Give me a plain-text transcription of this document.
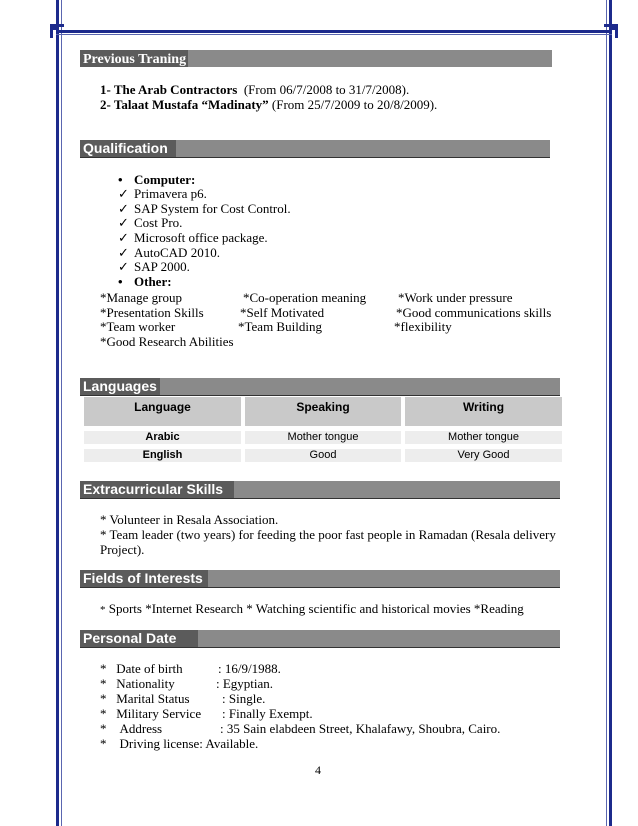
Previous Traning
1- The Arab Contractors (From 06/7/2008 to 31/7/2008).
2- Talaat Mustafa “Madinaty” (From 25/7/2009 to 20/8/2009).
Qualification
• Computer:
✓ Primavera p6.
✓ SAP System for Cost Control.
✓ Cost Pro.
✓ Microsoft office package.
✓ AutoCAD 2010.
✓ SAP 2000.
• Other:
*Manage group	*Co-operation meaning *Work under pressure
*Presentation Skills	*Self Motivated	*Good communications skills
*Team worker	*Team Building	*flexibility
*Good Research Abilities
Languages
Language	Speaking	Writing
Arabic	Mother tongue	Mother tongue
English	Good	Very Good
Extracurricular Skills
* Volunteer in Resala Association.
* Team leader (two years) for feeding the poor fast people in Ramadan (Resala delivery
Project).
Fields of Interests
* Sports *Internet Research * Watching scientific and historical movies *Reading
Personal Date
*   Date of birth	: 16/9/1988.
*   Nationality	: Egyptian.
*   Marital Status : Single.
*   Military Service : Finally Exempt.
*    Address	: 35 Sain elabdeen Street, Khalafawy, Shoubra, Cairo.
*    Driving license: Available.
4
